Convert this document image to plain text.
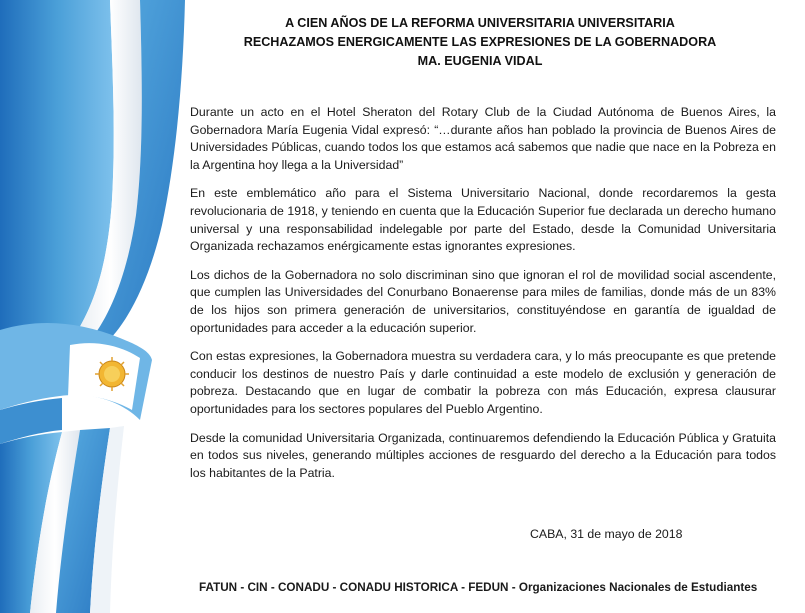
A CIEN AÑOS DE LA REFORMA UNIVERSITARIA UNIVERSITARIA
RECHAZAMOS ENERGICAMENTE LAS EXPRESIONES DE LA GOBERNADORA
MA. EUGENIA VIDAL

Durante un acto en el Hotel Sheraton del Rotary Club de la Ciudad Autónoma de Buenos Aires, la Gobernadora María Eugenia Vidal expresó: “…durante años han poblado la provincia de Buenos Aires de Universidades Públicas, cuando todos los que estamos acá sabemos que nadie que nace en la Pobreza en la Argentina hoy llega a la Universidad”

En este emblemático año para el Sistema Universitario Nacional, donde recordaremos la gesta revolucionaria de 1918, y teniendo en cuenta que la Educación Superior fue declarada un derecho humano universal y una responsabilidad indelegable por parte del Estado, desde la Comunidad Universitaria Organizada rechazamos enérgicamente estas ignorantes expresiones.

Los dichos de la Gobernadora no solo discriminan sino que ignoran el rol de movilidad social ascendente, que cumplen las Universidades del Conurbano Bonaerense para miles de familias, donde más de un 83% de los hijos son primera generación de universitarios, constituyéndose en garantía de igualdad de oportunidades para acceder a la educación superior.

Con estas expresiones, la Gobernadora muestra su verdadera cara, y lo más preocupante es que pretende conducir los destinos de nuestro País y darle continuidad a este modelo de exclusión y generación de pobreza. Destacando que en lugar de combatir la pobreza con más Educación, expresa clausurar oportunidades para los sectores populares del Pueblo Argentino.

Desde la comunidad Universitaria Organizada, continuaremos defendiendo la Educación Pública y Gratuita en todos sus niveles, generando múltiples acciones de resguardo del derecho a la Educación para todos los habitantes de la Patria.

CABA, 31 de mayo de 2018
FATUN - CIN - CONADU - CONADU HISTORICA - FEDUN - Organizaciones Nacionales de Estudiantes
